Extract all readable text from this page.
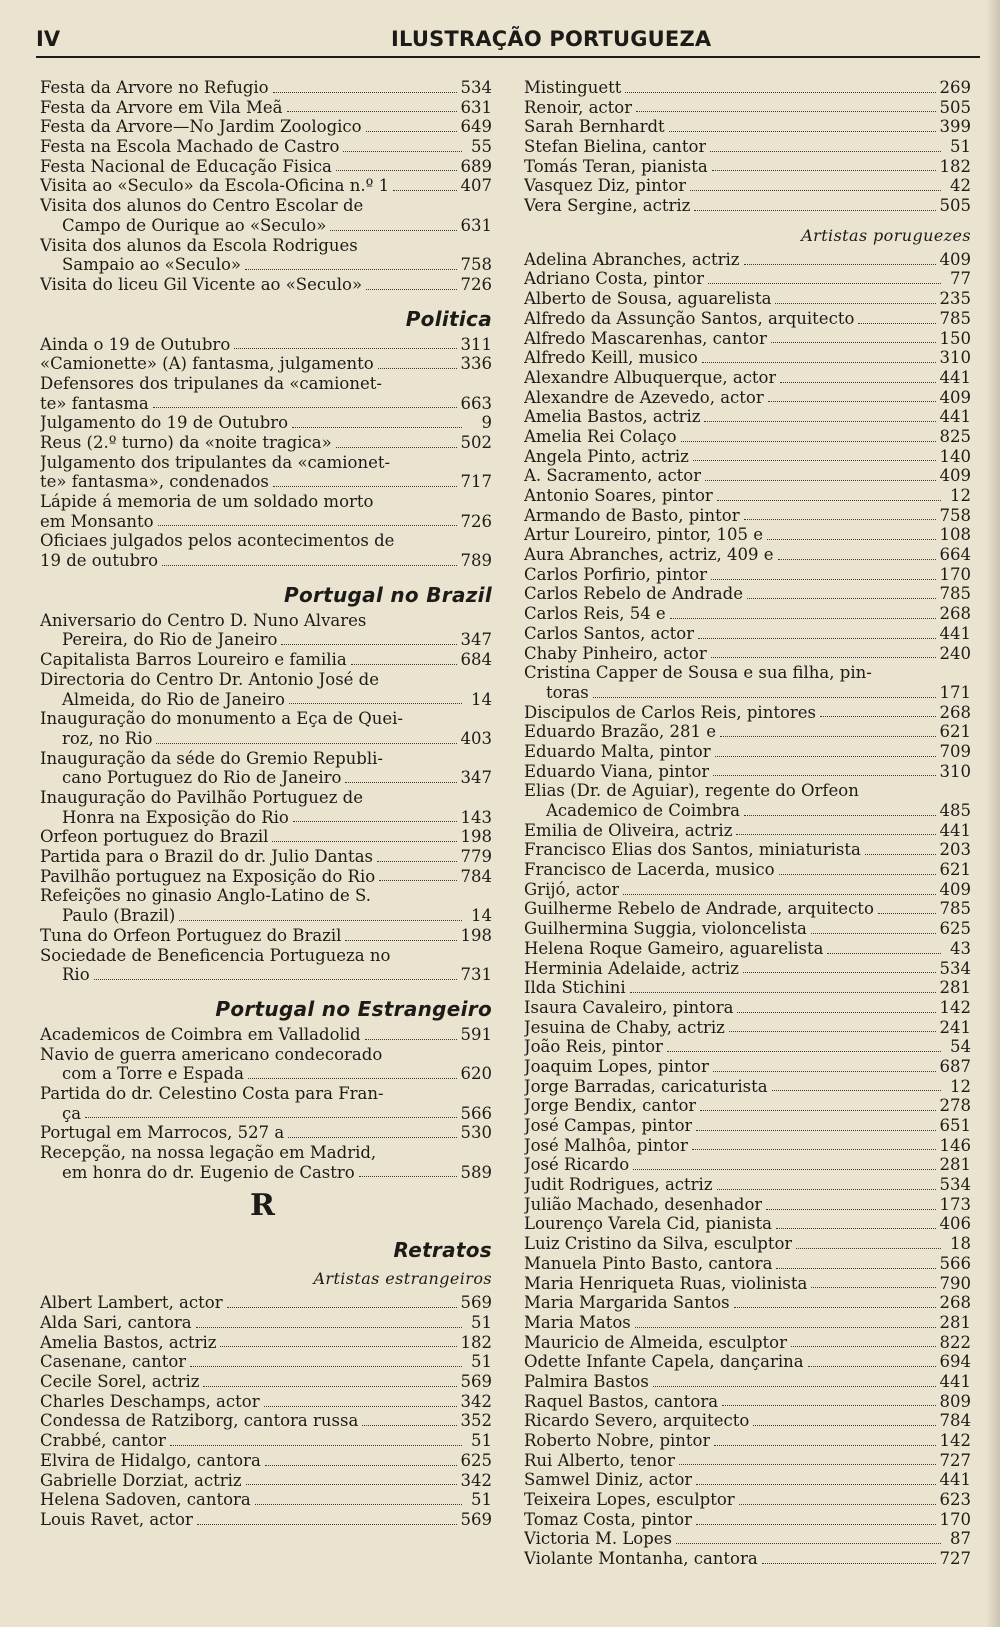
IV	ILUSTRAÇÃO PORTUGUEZA
Festa da Arvore no Refugio	534
Festa da Arvore em Vila Meã	631
Festa da Arvore—No Jardim Zoologico	649
Festa na Escola Machado de Castro	55
Festa Nacional de Educação Fisica	689
Visita ao «Seculo» da Escola-Oficina n.º 1	407
Visita dos alunos do Centro Escolar de
Campo de Ourique ao «Seculo»	631
Visita dos alunos da Escola Rodrigues
Sampaio ao «Seculo»	758
Visita do liceu Gil Vicente ao «Seculo»	726
Politica
Ainda o 19 de Outubro	311
«Camionette» (A) fantasma, julgamento	336
Defensores dos tripulanes da «camionet-
te» fantasma	663
Julgamento do 19 de Outubro	9
Reus (2.º turno) da «noite tragica»	502
Julgamento dos tripulantes da «camionet-
te» fantasma», condenados	717
Lápide á memoria de um soldado morto
em Monsanto	726
Oficiaes julgados pelos acontecimentos de
19 de outubro	789
Portugal no Brazil
Aniversario do Centro D. Nuno Alvares
Pereira, do Rio de Janeiro	347
Capitalista Barros Loureiro e familia	684
Directoria do Centro Dr. Antonio José de
Almeida, do Rio de Janeiro	14
Inauguração do monumento a Eça de Quei-
roz, no Rio	403
Inauguração da séde do Gremio Republi-
cano Portuguez do Rio de Janeiro	347
Inauguração do Pavilhão Portuguez de
Honra na Exposição do Rio	143
Orfeon portuguez do Brazil	198
Partida para o Brazil do dr. Julio Dantas	779
Pavilhão portuguez na Exposição do Rio	784
Refeições no ginasio Anglo-Latino de S.
Paulo (Brazil)	14
Tuna do Orfeon Portuguez do Brazil	198
Sociedade de Beneficencia Portugueza no
Rio	731
Portugal no Estrangeiro
Academicos de Coimbra em Valladolid	591
Navio de guerra americano condecorado
com a Torre e Espada	620
Partida do dr. Celestino Costa para Fran-
ça	566
Portugal em Marrocos, 527 a	530
Recepção, na nossa legação em Madrid,
em honra do dr. Eugenio de Castro	589
R
Retratos
Artistas estrangeiros
Albert Lambert, actor	569
Alda Sari, cantora	51
Amelia Bastos, actriz	182
Casenane, cantor	51
Cecile Sorel, actriz	569
Charles Deschamps, actor	342
Condessa de Ratziborg, cantora russa	352
Crabbé, cantor	51
Elvira de Hidalgo, cantora	625
Gabrielle Dorziat, actriz	342
Helena Sadoven, cantora	51
Louis Ravet, actor	569
Mistinguett	269
Renoir, actor	505
Sarah Bernhardt	399
Stefan Bielina, cantor	51
Tomás Teran, pianista	182
Vasquez Diz, pintor	42
Vera Sergine, actriz	505
Artistas poruguezes
Adelina Abranches, actriz	409
Adriano Costa, pintor	77
Alberto de Sousa, aguarelista	235
Alfredo da Assunção Santos, arquitecto	785
Alfredo Mascarenhas, cantor	150
Alfredo Keill, musico	310
Alexandre Albuquerque, actor	441
Alexandre de Azevedo, actor	409
Amelia Bastos, actriz	441
Amelia Rei Colaço	825
Angela Pinto, actriz	140
A. Sacramento, actor	409
Antonio Soares, pintor	12
Armando de Basto, pintor	758
Artur Loureiro, pintor, 105 e	108
Aura Abranches, actriz, 409 e	664
Carlos Porfirio, pintor	170
Carlos Rebelo de Andrade	785
Carlos Reis, 54 e	268
Carlos Santos, actor	441
Chaby Pinheiro, actor	240
Cristina Capper de Sousa e sua filha, pin-
toras	171
Discipulos de Carlos Reis, pintores	268
Eduardo Brazão, 281 e	621
Eduardo Malta, pintor	709
Eduardo Viana, pintor	310
Elias (Dr. de Aguiar), regente do Orfeon
Academico de Coimbra	485
Emilia de Oliveira, actriz	441
Francisco Elias dos Santos, miniaturista	203
Francisco de Lacerda, musico	621
Grijó, actor	409
Guilherme Rebelo de Andrade, arquitecto	785
Guilhermina Suggia, violoncelista	625
Helena Roque Gameiro, aguarelista	43
Herminia Adelaide, actriz	534
Ilda Stichini	281
Isaura Cavaleiro, pintora	142
Jesuina de Chaby, actriz	241
João Reis, pintor	54
Joaquim Lopes, pintor	687
Jorge Barradas, caricaturista	12
Jorge Bendix, cantor	278
José Campas, pintor	651
José Malhôa, pintor	146
José Ricardo	281
Judit Rodrigues, actriz	534
Julião Machado, desenhador	173
Lourenço Varela Cid, pianista	406
Luiz Cristino da Silva, esculptor	18
Manuela Pinto Basto, cantora	566
Maria Henriqueta Ruas, violinista	790
Maria Margarida Santos	268
Maria Matos	281
Mauricio de Almeida, esculptor	822
Odette Infante Capela, dançarina	694
Palmira Bastos	441
Raquel Bastos, cantora	809
Ricardo Severo, arquitecto	784
Roberto Nobre, pintor	142
Rui Alberto, tenor	727
Samwel Diniz, actor	441
Teixeira Lopes, esculptor	623
Tomaz Costa, pintor	170
Victoria M. Lopes	87
Violante Montanha, cantora	727
